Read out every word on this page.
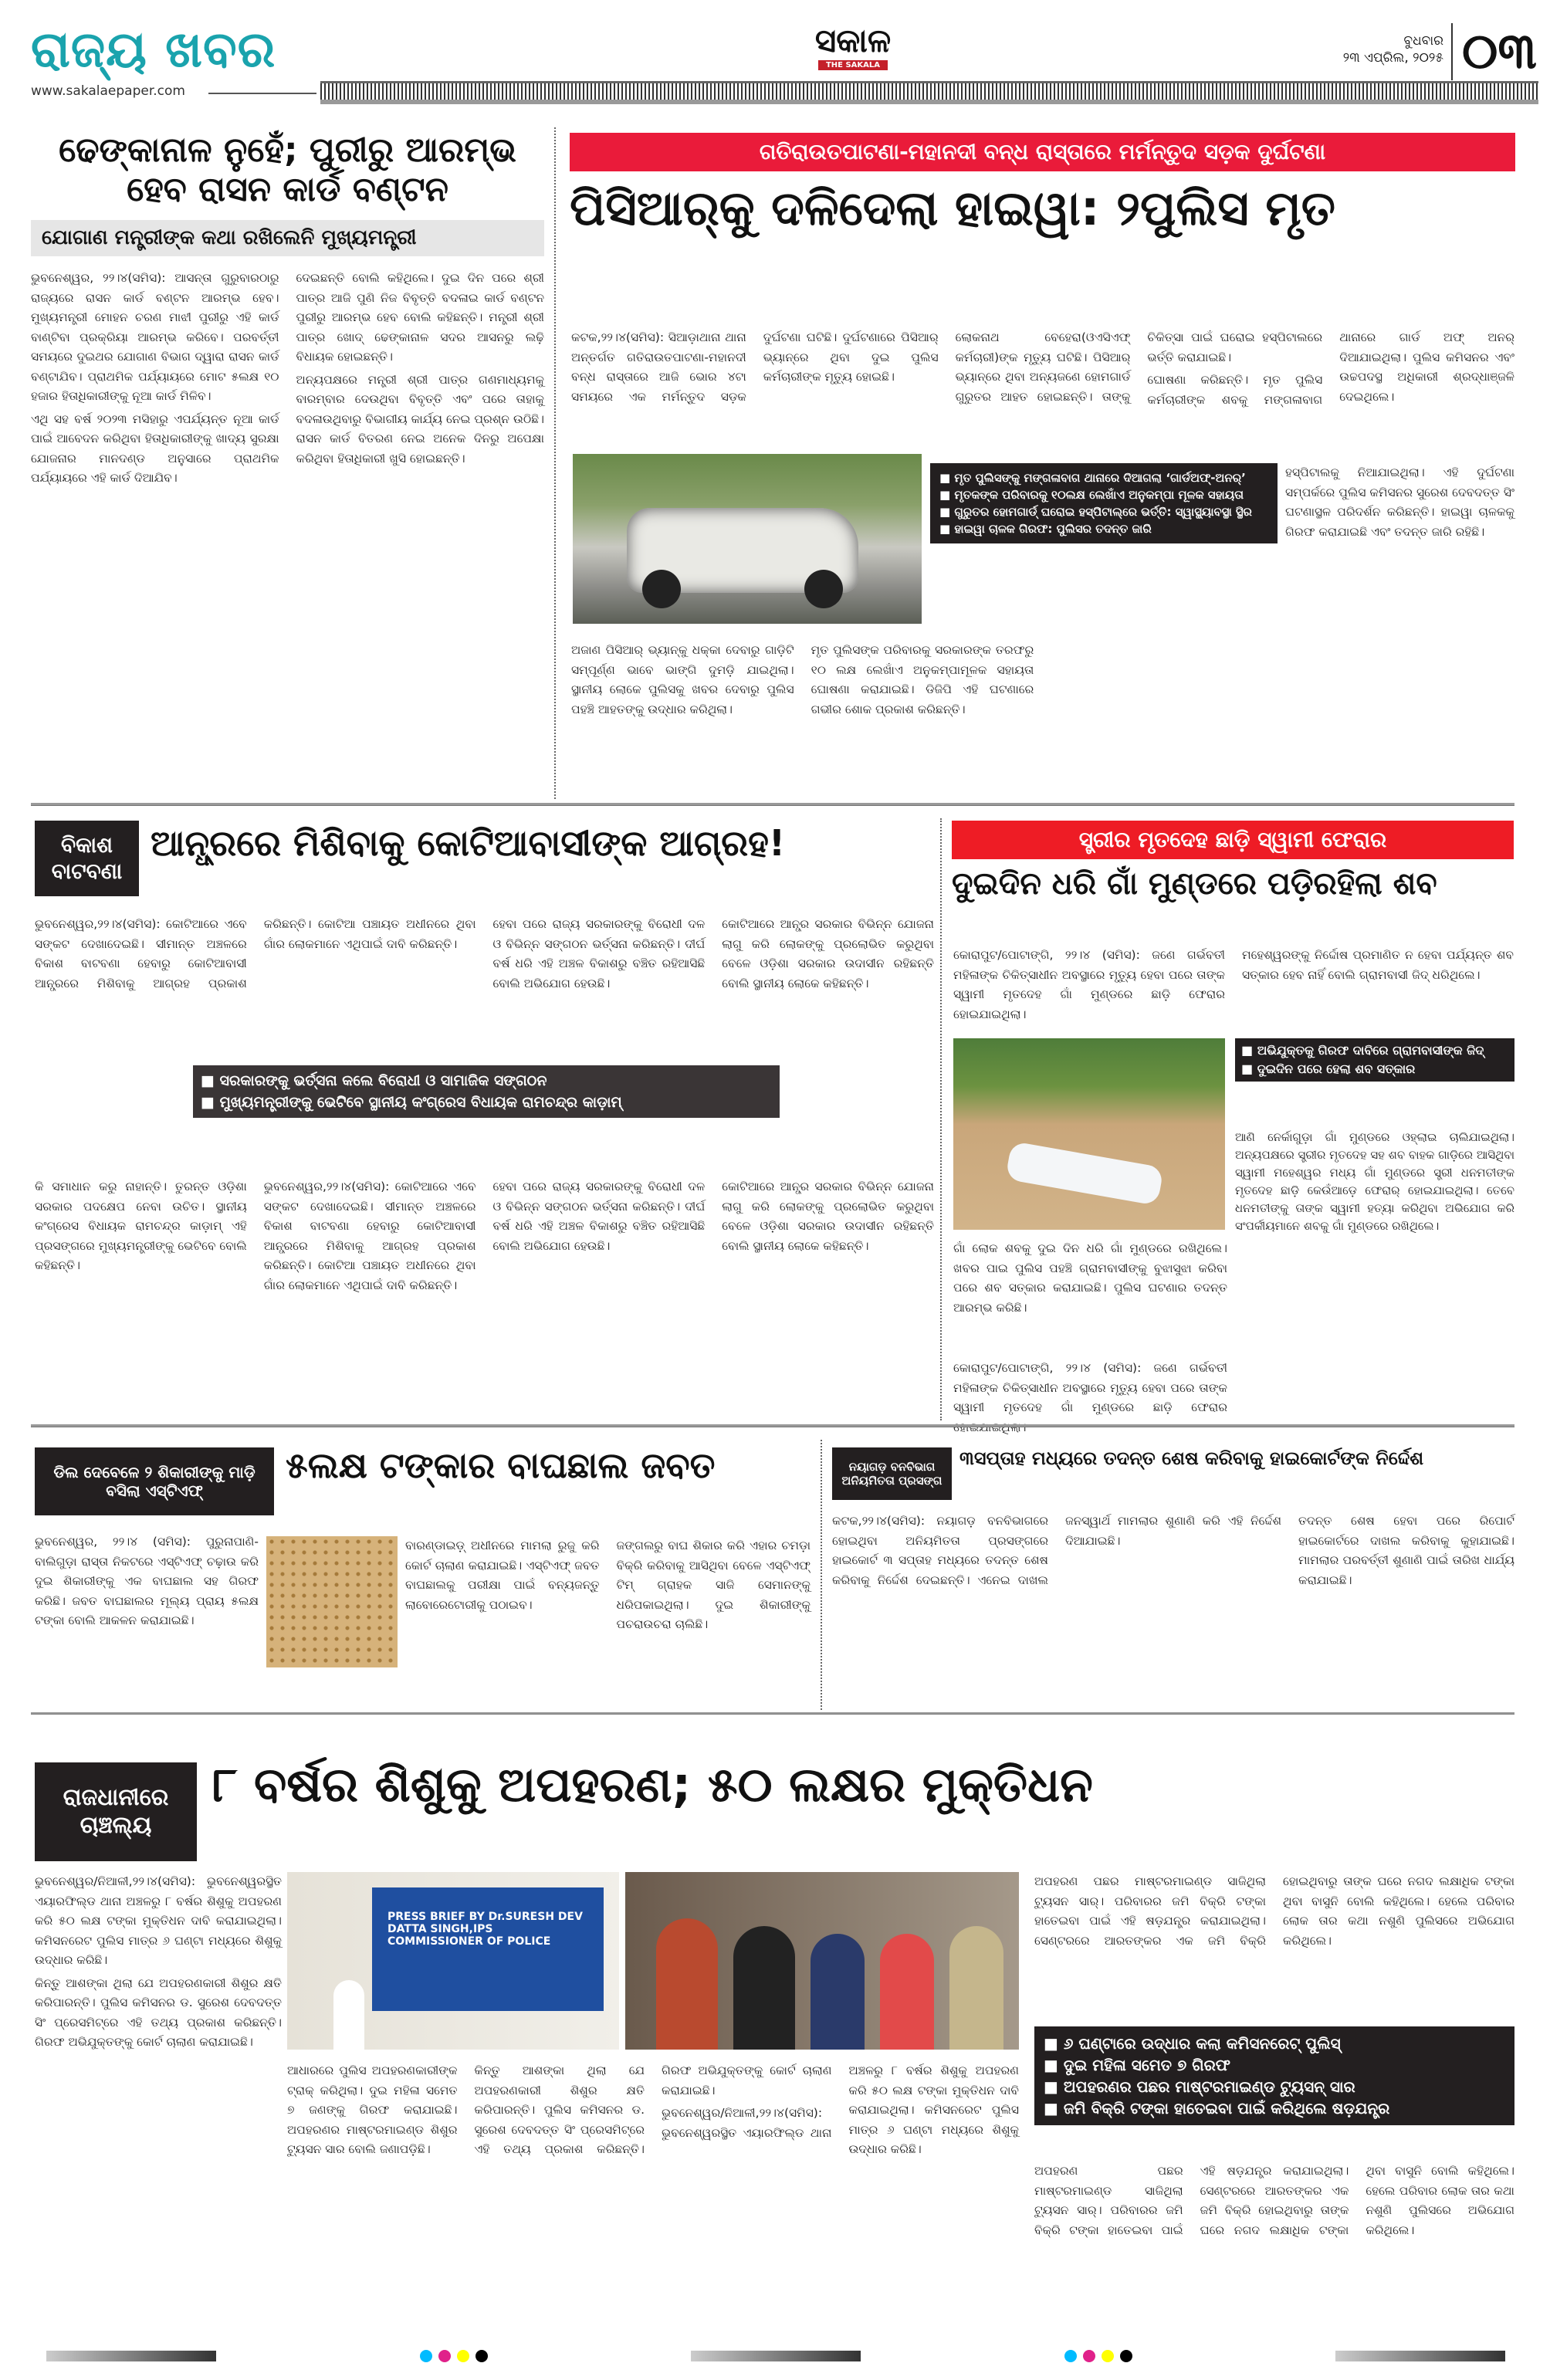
ରାଜ୍ୟ ଖବର
www.sakalaepaper.com
ସକାଳ
THE SAKALA
ବୁଧବାର
୨୩ ଏପ୍ରିଲ, ୨୦୨୫ ୦୩
ଢେଙ୍କାନାଳ ନୁହେଁ; ପୁରୀରୁ ଆରମ୍ଭ ହେବ ରାସନ କାର୍ଡ ବଣ୍ଟନ
ଯୋଗାଣ ମନ୍ତ୍ରୀଙ୍କ କଥା ରଖିଲେନି ମୁଖ୍ୟମନ୍ତ୍ରୀ

ଭୁବନେଶ୍ୱର, ୨୨।୪(ସମିସ): ଆସନ୍ତା ଗୁରୁବାରଠାରୁ ରାଜ୍ୟରେ ରାସନ କାର୍ଡ ବଣ୍ଟନ ଆରମ୍ଭ ହେବ। ମୁଖ୍ୟମନ୍ତ୍ରୀ ମୋହନ ଚରଣ ମାଝୀ ପୁରୀରୁ ଏହି କାର୍ଡ ବାଣ୍ଟିବା ପ୍ରକ୍ରିୟା ଆରମ୍ଭ କରିବେ। ପରବର୍ତ୍ତୀ ସମୟରେ ଦୁଇଥର ଯୋଗାଣ ବିଭାଗ ଦ୍ୱାରା ରାସନ କାର୍ଡ ବଣ୍ଟାଯିବ। ପ୍ରାଥମିକ ପର୍ଯ୍ୟାୟରେ ମୋଟ ୫ଲକ୍ଷ ୧୦ ହଜାର ହିତାଧିକାରୀଙ୍କୁ ନୂଆ କାର୍ଡ ମିଳିବ।

ଏଥି ସହ ବର୍ଷ ୨୦୨୩ ମସିହାରୁ ଏପର୍ଯ୍ୟନ୍ତ ନୂଆ କାର୍ଡ ପାଇଁ ଆବେଦନ କରିଥିବା ହିତାଧିକାରୀଙ୍କୁ ଖାଦ୍ୟ ସୁରକ୍ଷା ଯୋଜନାର ମାନଦଣ୍ଡ ଅନୁସାରେ ପ୍ରାଥମିକ ପର୍ଯ୍ୟାୟରେ ଏହି କାର୍ଡ ଦିଆଯିବ।

ଦେଇଛନ୍ତି ବୋଲି କହିଥିଲେ। ଦୁଇ ଦିନ ପରେ ଶ୍ରୀ ପାତ୍ର ଆଜି ପୁଣି ନିଜ ବିବୃତ୍ତି ବଦଳାଇ କାର୍ଡ ବଣ୍ଟନ ପୁରୀରୁ ଆରମ୍ଭ ହେବ ବୋଲି କହିଛନ୍ତି। ମନ୍ତ୍ରୀ ଶ୍ରୀ ପାତ୍ର ଖୋଦ୍ ଢେଙ୍କାନାଳ ସଦର ଆସନରୁ ଲଢ଼ି ବିଧାୟକ ହୋଇଛନ୍ତି।

ଅନ୍ୟପକ୍ଷରେ ମନ୍ତ୍ରୀ ଶ୍ରୀ ପାତ୍ର ଗଣମାଧ୍ୟମକୁ ବାରମ୍ବାର ଦେଉଥିବା ବିବୃତ୍ତି ଏବଂ ପରେ ତାହାକୁ ବଦଳାଉଥିବାରୁ ବିଭାଗୀୟ କାର୍ଯ୍ୟ ନେଇ ପ୍ରଶ୍ନ ଉଠିଛି। ରାସନ କାର୍ଡ ବିତରଣ ନେଇ ଅନେକ ଦିନରୁ ଅପେକ୍ଷା କରିଥିବା ହିତାଧିକାରୀ ଖୁସି ହୋଇଛନ୍ତି।

ଗତିରାଉତପାଟଣା-ମହାନଦୀ ବନ୍ଧ ରାସ୍ତାରେ ମର୍ମନ୍ତୁଦ ସଡ଼କ ଦୁର୍ଘଟଣା
ପିସିଆର୍‌କୁ ଦଳିଦେଲା ହାଇୱା: ୨ପୁଲିସ ମୃତ

କଟକ,୨୨।୪(ସମିସ): ସିଆଡ଼ାଥାନା ଥାନା ଅନ୍ତର୍ଗତ ଗତିରାଉତପାଟଣା-ମହାନଦୀ ବନ୍ଧ ରାସ୍ତାରେ ଆଜି ଭୋର ୪ଟା ସମୟରେ ଏକ ମର୍ମନ୍ତୁଦ ସଡ଼କ ଦୁର୍ଘଟଣା ଘଟିଛି। ଦୁର୍ଘଟଣାରେ ପିସିଆର୍ ଭ୍ୟାନ୍‌ରେ ଥିବା ଦୁଇ ପୁଲିସ କର୍ମଚାରୀଙ୍କ ମୃତ୍ୟୁ ହୋଇଛି।

ଲୋକନାଥ ବେହେରା(ଓଏସିଏଫ୍ କର୍ମଚାରୀ)ଙ୍କ ମୃତ୍ୟୁ ଘଟିଛି। ପିସିଆର୍ ଭ୍ୟାନ୍‌ରେ ଥିବା ଅନ୍ୟଜଣେ ହୋମଗାର୍ଡ ଗୁରୁତର ଆହତ ହୋଇଛନ୍ତି। ତାଙ୍କୁ ଚିକିତ୍ସା ପାଇଁ ଘରୋଇ ହସ୍ପିଟାଲରେ ଭର୍ତ୍ତି କରାଯାଇଛି।

ଘୋଷଣା କରିଛନ୍ତି। ମୃତ ପୁଲିସ କର୍ମଚାରୀଙ୍କ ଶବକୁ ମଙ୍ଗଳାବାଗ ଥାନାରେ ଗାର୍ଡ ଅଫ୍ ଅନର୍ ଦିଆଯାଇଥିଲା। ପୁଲିସ କମିସନର ଏବଂ ଉଚ୍ଚପଦସ୍ଥ ଅଧିକାରୀ ଶ୍ରଦ୍ଧାଞ୍ଜଳି ଦେଇଥିଲେ।

■ ମୃତ ପୁଲିସଙ୍କୁ ମଙ୍ଗଳାବାଗ ଥାନାରେ ଦିଆଗଲା ‘ଗାର୍ଡଅଫ୍-ଅନର୍’
■ ମୃତକଙ୍କ ପରିବାରକୁ ୧୦ଲକ୍ଷ ଲେଖାଁଏ ଅନୁକମ୍ପା ମୂଳକ ସହାୟତା
■ ଗୁରୁତର ହୋମଗାର୍ଡ୍ ଘରୋଇ ହସ୍ପିଟାଲ୍‌ରେ ଭର୍ତ୍ତି: ସ୍ୱାସ୍ଥ୍ୟାବସ୍ଥା ସ୍ଥିର
■ ହାଇୱା ଚାଳକ ଗିରଫ: ପୁଲିସର ତଦନ୍ତ ଜାରି

ହସ୍ପିଟାଲକୁ ନିଆଯାଇଥିଲା। ଏହି ଦୁର୍ଘଟଣା ସମ୍ପର୍କରେ ପୁଲିସ କମିସନର ସୁରେଶ ଦେବଦତ୍ତ ସିଂ ଘଟଣାସ୍ଥଳ ପରିଦର୍ଶନ କରିଛନ୍ତି। ହାଇୱା ଚାଳକକୁ ଗିରଫ କରାଯାଇଛି ଏବଂ ତଦନ୍ତ ଜାରି ରହିଛି।

ଅଜାଣ ପିସିଆର୍ ଭ୍ୟାନ୍‌କୁ ଧକ୍କା ଦେବାରୁ ଗାଡ଼ିଟି ସମ୍ପୂର୍ଣ୍ଣ ଭାବେ ଭାଙ୍ଗି ଦୁମଡ଼ି ଯାଇଥିଲା। ସ୍ଥାନୀୟ ଲୋକେ ପୁଲିସକୁ ଖବର ଦେବାରୁ ପୁଲିସ ପହଞ୍ଚି ଆହତଙ୍କୁ ଉଦ୍ଧାର କରିଥିଲା।

ମୃତ ପୁଲିସଙ୍କ ପରିବାରକୁ ସରକାରଙ୍କ ତରଫରୁ ୧୦ ଲକ୍ଷ ଲେଖାଁଏ ଅନୁକମ୍ପାମୂଳକ ସହାୟତା ଘୋଷଣା କରାଯାଇଛି। ଡିଜିପି ଏହି ଘଟଣାରେ ଗଭୀର ଶୋକ ପ୍ରକାଶ କରିଛନ୍ତି।

ବିକାଶ ବାଟବଣା
ଆନ୍ଧ୍ରରେ ମିଶିବାକୁ କୋଟିଆବାସୀଙ୍କ ଆଗ୍ରହ!

ଭୁବନେଶ୍ୱର,୨୨।୪(ସମିସ): କୋଟିଆରେ ଏବେ ସଙ୍କଟ ଦେଖାଦେଇଛି। ସୀମାନ୍ତ ଅଞ୍ଚଳରେ ବିକାଶ ବାଟବଣା ହେବାରୁ କୋଟିଆବାସୀ ଆନ୍ଧ୍ରରେ ମିଶିବାକୁ ଆଗ୍ରହ ପ୍ରକାଶ କରିଛନ୍ତି। କୋଟିଆ ପଞ୍ଚାୟତ ଅଧୀନରେ ଥିବା ଗାଁର ଲୋକମାନେ ଏଥିପାଇଁ ଦାବି କରିଛନ୍ତି।

ହେବା ପରେ ରାଜ୍ୟ ସରକାରଙ୍କୁ ବିରୋଧୀ ଦଳ ଓ ବିଭିନ୍ନ ସଙ୍ଗଠନ ଭର୍ତ୍ସନା କରିଛନ୍ତି। ଦୀର୍ଘ ବର୍ଷ ଧରି ଏହି ଅଞ୍ଚଳ ବିକାଶରୁ ବଞ୍ଚିତ ରହିଆସିଛି ବୋଲି ଅଭିଯୋଗ ହେଉଛି।

କୋଟିଆରେ ଆନ୍ଧ୍ର ସରକାର ବିଭିନ୍ନ ଯୋଜନା ଲାଗୁ କରି ଲୋକଙ୍କୁ ପ୍ରଲୋଭିତ କରୁଥିବା ବେଳେ ଓଡ଼ିଶା ସରକାର ଉଦାସୀନ ରହିଛନ୍ତି ବୋଲି ସ୍ଥାନୀୟ ଲୋକେ କହିଛନ୍ତି।

■ ସରକାରଙ୍କୁ ଭର୍ତ୍ସନା କଲେ ବିରୋଧୀ ଓ ସାମାଜିକ ସଙ୍ଗଠନ
■ ମୁଖ୍ୟମନ୍ତ୍ରୀଙ୍କୁ ଭେଟିବେ ସ୍ଥାନୀୟ କଂଗ୍ରେସ ବିଧାୟକ ରାମଚନ୍ଦ୍ର କାଡ଼ାମ୍

କି ସମାଧାନ କରୁ ନାହାନ୍ତି। ତୁରନ୍ତ ଓଡ଼ିଶା ସରକାର ପଦକ୍ଷେପ ନେବା ଉଚିତ। ସ୍ଥାନୀୟ କଂଗ୍ରେସ ବିଧାୟକ ରାମଚନ୍ଦ୍ର କାଡ଼ାମ୍ ଏହି ପ୍ରସଙ୍ଗରେ ମୁଖ୍ୟମନ୍ତ୍ରୀଙ୍କୁ ଭେଟିବେ ବୋଲି କହିଛନ୍ତି।

ଭୁବନେଶ୍ୱର,୨୨।୪(ସମିସ): କୋଟିଆରେ ଏବେ ସଙ୍କଟ ଦେଖାଦେଇଛି। ସୀମାନ୍ତ ଅଞ୍ଚଳରେ ବିକାଶ ବାଟବଣା ହେବାରୁ କୋଟିଆବାସୀ ଆନ୍ଧ୍ରରେ ମିଶିବାକୁ ଆଗ୍ରହ ପ୍ରକାଶ କରିଛନ୍ତି। କୋଟିଆ ପଞ୍ଚାୟତ ଅଧୀନରେ ଥିବା ଗାଁର ଲୋକମାନେ ଏଥିପାଇଁ ଦାବି କରିଛନ୍ତି।

ହେବା ପରେ ରାଜ୍ୟ ସରକାରଙ୍କୁ ବିରୋଧୀ ଦଳ ଓ ବିଭିନ୍ନ ସଙ୍ଗଠନ ଭର୍ତ୍ସନା କରିଛନ୍ତି। ଦୀର୍ଘ ବର୍ଷ ଧରି ଏହି ଅଞ୍ଚଳ ବିକାଶରୁ ବଞ୍ଚିତ ରହିଆସିଛି ବୋଲି ଅଭିଯୋଗ ହେଉଛି।

କୋଟିଆରେ ଆନ୍ଧ୍ର ସରକାର ବିଭିନ୍ନ ଯୋଜନା ଲାଗୁ କରି ଲୋକଙ୍କୁ ପ୍ରଲୋଭିତ କରୁଥିବା ବେଳେ ଓଡ଼ିଶା ସରକାର ଉଦାସୀନ ରହିଛନ୍ତି ବୋଲି ସ୍ଥାନୀୟ ଲୋକେ କହିଛନ୍ତି।

ସ୍ତ୍ରୀର ମୃତଦେହ ଛାଡ଼ି ସ୍ୱାମୀ ଫେରାର
ଦୁଇଦିନ ଧରି ଗାଁ ମୁଣ୍ଡରେ ପଡ଼ିରହିଲା ଶବ

କୋରାପୁଟ/ପୋଟାଙ୍ଗି, ୨୨।୪ (ସମିସ): ଜଣେ ଗର୍ଭବତୀ ମହିଳାଙ୍କ ଚିକିତ୍ସାଧୀନ ଅବସ୍ଥାରେ ମୃତ୍ୟୁ ହେବା ପରେ ତାଙ୍କ ସ୍ୱାମୀ ମୃତଦେହ ଗାଁ ମୁଣ୍ଡରେ ଛାଡ଼ି ଫେରାର ହୋଇଯାଇଥିଲା।

ମହେଶ୍ୱରଙ୍କୁ ନିର୍ଦ୍ଦୋଷ ପ୍ରମାଣିତ ନ ହେବା ପର୍ଯ୍ୟନ୍ତ ଶବ ସତ୍କାର ହେବ ନାହିଁ ବୋଲି ଗ୍ରାମବାସୀ ଜିଦ୍ ଧରିଥିଲେ।

■ ଅଭିଯୁକ୍ତକୁ ଗିରଫ ଦାବିରେ ଗ୍ରାମବାସୀଙ୍କ ଜିଦ୍
■ ଦୁଇଦିନ ପରେ ହେଲା ଶବ ସତ୍କାର

ଆଣି ନେର୍କାଗୁଡ଼ା ଗାଁ ମୁଣ୍ଡରେ ଓହ୍ଲାଇ ଚାଲିଯାଇଥିଲା। ଅନ୍ୟପକ୍ଷରେ ସ୍ତ୍ରୀର ମୃତଦେହ ସହ ଶବ ବାହକ ଗାଡ଼ିରେ ଆସିଥିବା ସ୍ୱାମୀ ମହେଶ୍ୱର ମଧ୍ୟ ଗାଁ ମୁଣ୍ଡରେ ସ୍ତ୍ରୀ ଧନମତୀଙ୍କ ମୃତଦେହ ଛାଡ଼ି କେଉଁଆଡ଼େ ଫେରାର୍ ହୋଇଯାଇଥିଲା। ତେବେ ଧନମତୀଙ୍କୁ ତାଙ୍କ ସ୍ୱାମୀ ହତ୍ୟା କରିଥିବା ଅଭିଯୋଗ କରି ସଂପର୍କୀୟମାନେ ଶବକୁ ଗାଁ ମୁଣ୍ଡରେ ରଖିଥିଲେ।

ଗାଁ ଲୋକ ଶବକୁ ଦୁଇ ଦିନ ଧରି ଗାଁ ମୁଣ୍ଡରେ ରଖିଥିଲେ। ଖବର ପାଇ ପୁଲିସ ପହଞ୍ଚି ଗ୍ରାମବାସୀଙ୍କୁ ବୁଝାସୁଝା କରିବା ପରେ ଶବ ସତ୍କାର କରାଯାଇଛି। ପୁଲିସ ଘଟଣାର ତଦନ୍ତ ଆରମ୍ଭ କରିଛି।

କୋରାପୁଟ/ପୋଟାଙ୍ଗି, ୨୨।୪ (ସମିସ): ଜଣେ ଗର୍ଭବତୀ ମହିଳାଙ୍କ ଚିକିତ୍ସାଧୀନ ଅବସ୍ଥାରେ ମୃତ୍ୟୁ ହେବା ପରେ ତାଙ୍କ ସ୍ୱାମୀ ମୃତଦେହ ଗାଁ ମୁଣ୍ଡରେ ଛାଡ଼ି ଫେରାର

ଡିଲ ଦେବେଳେ ୨ ଶିକାରୀଙ୍କୁ ମାଡ଼ି ବସିଲା ଏସ୍‌ଟିଏଫ୍
୫ଲକ୍ଷ ଟଙ୍କାର ବାଘଛାଲ ଜବତ

ଭୁବନେଶ୍ୱର, ୨୨।୪ (ସମିସ): ପୁରୁନାପାଣି-ବାଲିଗୁଡ଼ା ରାସ୍ତା ନିକଟରେ ଏସ୍‌ଟିଏଫ୍ ଚଢ଼ାଉ କରି ଦୁଇ ଶିକାରୀଙ୍କୁ ଏକ ବାଘଛାଲ ସହ ଗିରଫ କରିଛି। ଜବତ ବାଘଛାଲର ମୂଲ୍ୟ ପ୍ରାୟ ୫ଲକ୍ଷ ଟଙ୍କା ବୋଲି ଆକଳନ କରାଯାଇଛି।

ବାରଣ୍ଡାଇଡ଼୍ ଅଧୀନରେ ମାମଲା ରୁଜୁ କରି କୋର୍ଟ ଚାଲାଣ କରାଯାଇଛି। ଏସ୍‌ଟିଏଫ୍ ଜବତ ବାଘଛାଲକୁ ପରୀକ୍ଷା ପାଇଁ ବନ୍ୟଜନ୍ତୁ ଲାବୋରେଟୋରୀକୁ ପଠାଇବ।

ଜଙ୍ଗଲରୁ ବାଘ ଶିକାର କରି ଏହାର ଚମଡ଼ା ବିକ୍ରି କରିବାକୁ ଆସିଥିବା ବେଳେ ଏସ୍‌ଟିଏଫ୍ ଟିମ୍ ଗ୍ରାହକ ସାଜି ସେମାନଙ୍କୁ ଧରିପକାଇଥିଲା। ଦୁଇ ଶିକାରୀଙ୍କୁ ପଚରାଉଚରା ଚାଲିଛି।

ନୟାଗଡ଼ ବନବିଭାଗ ଅନିୟମିତତା ପ୍ରସଙ୍ଗ
୩ସପ୍ତାହ ମଧ୍ୟରେ ତଦନ୍ତ ଶେଷ କରିବାକୁ ହାଇକୋର୍ଟଙ୍କ ନିର୍ଦ୍ଦେଶ

କଟକ,୨୨।୪(ସମିସ): ନୟାଗଡ଼ ବନବିଭାଗରେ ହୋଇଥିବା ଅନିୟମିତତା ପ୍ରସଙ୍ଗରେ ହାଇକୋର୍ଟ ୩ ସପ୍ତାହ ମଧ୍ୟରେ ତଦନ୍ତ ଶେଷ କରିବାକୁ ନିର୍ଦ୍ଦେଶ ଦେଇଛନ୍ତି। ଏନେଇ ଦାଖଲ ଜନସ୍ୱାର୍ଥ ମାମଲାର ଶୁଣାଣି କରି ଏହି ନିର୍ଦ୍ଦେଶ ଦିଆଯାଇଛି।

ତଦନ୍ତ ଶେଷ ହେବା ପରେ ରିପୋର୍ଟ ହାଇକୋର୍ଟରେ ଦାଖଲ କରିବାକୁ କୁହାଯାଇଛି। ମାମଲାର ପରବର୍ତ୍ତୀ ଶୁଣାଣି ପାଇଁ ତାରିଖ ଧାର୍ଯ୍ୟ କରାଯାଇଛି।

ରାଜଧାନୀରେ ଚାଞ୍ଚଲ୍ୟ
୮ ବର୍ଷର ଶିଶୁକୁ ଅପହରଣ; ୫୦ ଲକ୍ଷର ମୁକ୍ତିଧନ

ଭୁବନେଶ୍ୱର/ନିଆଳୀ,୨୨।୪(ସମିସ): ଭୁବନେଶ୍ୱରସ୍ଥିତ ଏୟାରଫିଲ୍ଡ ଥାନା ଅଞ୍ଚଳରୁ ୮ ବର୍ଷର ଶିଶୁକୁ ଅପହରଣ କରି ୫୦ ଲକ୍ଷ ଟଙ୍କା ମୁକ୍ତିଧନ ଦାବି କରାଯାଇଥିଲା। କମିସନରେଟ ପୁଲିସ ମାତ୍ର ୬ ଘଣ୍ଟା ମଧ୍ୟରେ ଶିଶୁକୁ ଉଦ୍ଧାର କରିଛି।

କିନ୍ତୁ ଆଶଙ୍କା ଥିଲା ଯେ ଅପହରଣକାରୀ ଶିଶୁର କ୍ଷତି କରିପାରନ୍ତି। ପୁଲିସ କମିସନର ଡ. ସୁରେଶ ଦେବଦତ୍ତ ସିଂ ପ୍ରେସମିଟ୍‌ରେ ଏହି ତଥ୍ୟ ପ୍ରକାଶ କରିଛନ୍ତି। ଗିରଫ ଅଭିଯୁକ୍ତଙ୍କୁ କୋର୍ଟ ଚାଲାଣ କରାଯାଇଛି।

PRESS BRIEF BY Dr.SURESH DEV DATTA SINGH,IPS COMMISSIONER OF POLICE

ଅପହରଣ ପଛର ମାଷ୍ଟରମାଇଣ୍ଡ ସାଜିଥିଲା ଟ୍ୟୁସନ ସାର୍। ପରିବାରର ଜମି ବିକ୍ରି ଟଙ୍କା ହାତେଇବା ପାଇଁ ଏହି ଷଡ଼ଯନ୍ତ୍ର କରାଯାଇଥିଲା। ସେଣ୍ଟରରେ ଆରତଙ୍କର ଏକ ଜମି ବିକ୍ରି ହୋଇଥିବାରୁ ତାଙ୍କ ଘରେ ନଗଦ ଲକ୍ଷାଧିକ ଟଙ୍କା ଥିବା ବାସୁନି ବୋଲି କହିଥିଲେ। ହେଲେ ପରିବାର ଲୋକ ତାର କଥା ନଶୁଣି ପୁଲିସରେ ଅଭିଯୋଗ କରିଥିଲେ।

■ ୬ ଘଣ୍ଟାରେ ଉଦ୍ଧାର କଲା କମିସନରେଟ୍ ପୁଲିସ୍
■ ଦୁଇ ମହିଳା ସମେତ ୭ ଗିରଫ
■ ଅପହରଣର ପଛର ମାଷ୍ଟରମାଇଣ୍ଡ ଟ୍ୟୁସନ୍ ସାର
■ ଜମି ବିକ୍ରି ଟଙ୍କା ହାତେଇବା ପାଇଁ କରିଥିଲେ ଷଡ଼ଯନ୍ତ୍ର

ଆଧାରରେ ପୁଲିସ ଅପହରଣକାରୀଙ୍କ ଟ୍ରାକ୍ କରିଥିଲା। ଦୁଇ ମହିଳା ସମେତ ୭ ଜଣଙ୍କୁ ଗିରଫ କରାଯାଇଛି। ଅପହରଣର ମାଷ୍ଟରମାଇଣ୍ଡ ଶିଶୁର ଟ୍ୟୁସନ ସାର ବୋଲି ଜଣାପଡ଼ିଛି।

କିନ୍ତୁ ଆଶଙ୍କା ଥିଲା ଯେ ଅପହରଣକାରୀ ଶିଶୁର କ୍ଷତି କରିପାରନ୍ତି। ପୁଲିସ କମିସନର ଡ. ସୁରେଶ ଦେବଦତ୍ତ ସିଂ ପ୍ରେସମିଟ୍‌ରେ ଏହି ତଥ୍ୟ ପ୍ରକାଶ କରିଛନ୍ତି। ଗିରଫ ଅଭିଯୁକ୍ତଙ୍କୁ କୋର୍ଟ ଚାଲାଣ କରାଯାଇଛି।

ଭୁବନେଶ୍ୱର/ନିଆଳୀ,୨୨।୪(ସମିସ): ଭୁବନେଶ୍ୱରସ୍ଥିତ ଏୟାରଫିଲ୍ଡ ଥାନା ଅଞ୍ଚଳରୁ ୮ ବର୍ଷର ଶିଶୁକୁ ଅପହରଣ କରି ୫୦ ଲକ୍ଷ ଟଙ୍କା ମୁକ୍ତିଧନ ଦାବି କରାଯାଇଥିଲା। କମିସନରେଟ ପୁଲିସ ମାତ୍ର ୬ ଘଣ୍ଟା ମଧ୍ୟରେ ଶିଶୁକୁ ଉଦ୍ଧାର କରିଛି।

ଅପହରଣ ପଛର ମାଷ୍ଟରମାଇଣ୍ଡ ସାଜିଥିଲା ଟ୍ୟୁସନ ସାର୍। ପରିବାରର ଜମି ବିକ୍ରି ଟଙ୍କା ହାତେଇବା ପାଇଁ ଏହି ଷଡ଼ଯନ୍ତ୍ର କରାଯାଇଥିଲା। ସେଣ୍ଟରରେ ଆରତଙ୍କର ଏକ ଜମି ବିକ୍ରି ହୋଇଥିବାରୁ ତାଙ୍କ ଘରେ ନଗଦ ଲକ୍ଷାଧିକ ଟଙ୍କା ଥିବା ବାସୁନି ବୋଲି କହିଥିଲେ। ହେଲେ ପରିବାର ଲୋକ ତାର କଥା ନଶୁଣି ପୁଲିସରେ ଅଭିଯୋଗ କରିଥିଲେ।
